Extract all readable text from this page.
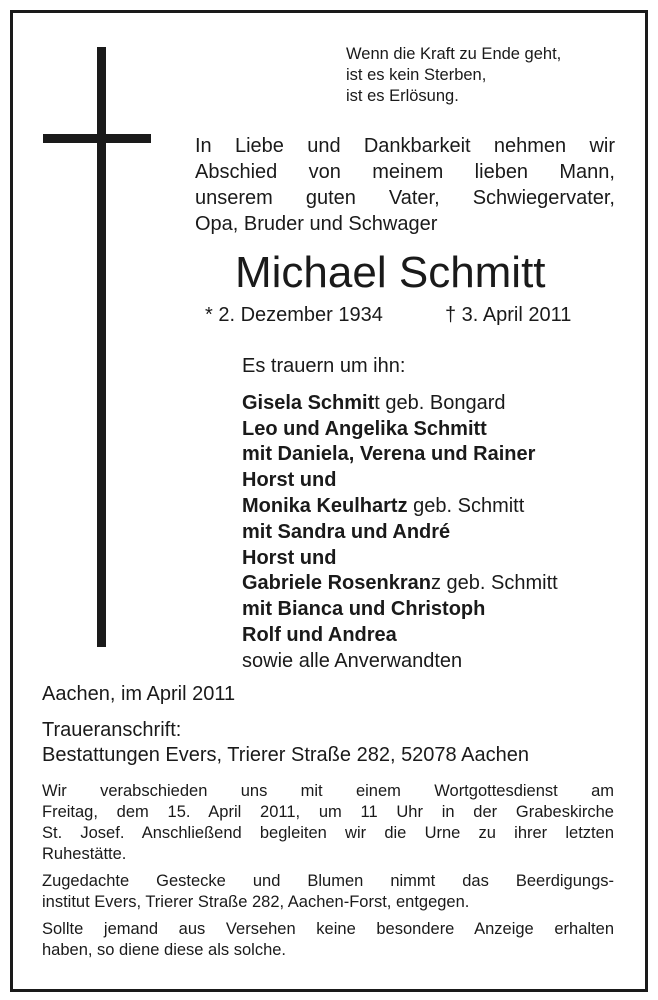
Wenn die Kraft zu Ende geht,
ist es kein Sterben,
ist es Erlösung.
In Liebe und Dankbarkeit nehmen wir
Abschied von meinem lieben Mann,
unserem guten Vater, Schwiegervater,
Opa, Bruder und Schwager
Michael Schmitt
* 2. Dezember 1934	† 3. April 2011
Es trauern um ihn:
Gisela Schmitt geb. Bongard
Leo und Angelika Schmitt
mit Daniela, Verena und Rainer
Horst und
Monika Keulhartz geb. Schmitt
mit Sandra und André
Horst und
Gabriele Rosenkranz geb. Schmitt
mit Bianca und Christoph
Rolf und Andrea
sowie alle Anverwandten
Aachen, im April 2011
Traueranschrift:
Bestattungen Evers, Trierer Straße 282, 52078 Aachen

Wir verabschieden uns mit einem Wortgottesdienst am
Freitag, dem 15. April 2011, um 11 Uhr in der Grabeskirche
St. Josef. Anschließend begleiten wir die Urne zu ihrer letzten
Ruhestätte.

Zugedachte Gestecke und Blumen nimmt das Beerdigungs-
institut Evers, Trierer Straße 282, Aachen-Forst, entgegen.

Sollte jemand aus Versehen keine besondere Anzeige erhalten
haben, so diene diese als solche.
